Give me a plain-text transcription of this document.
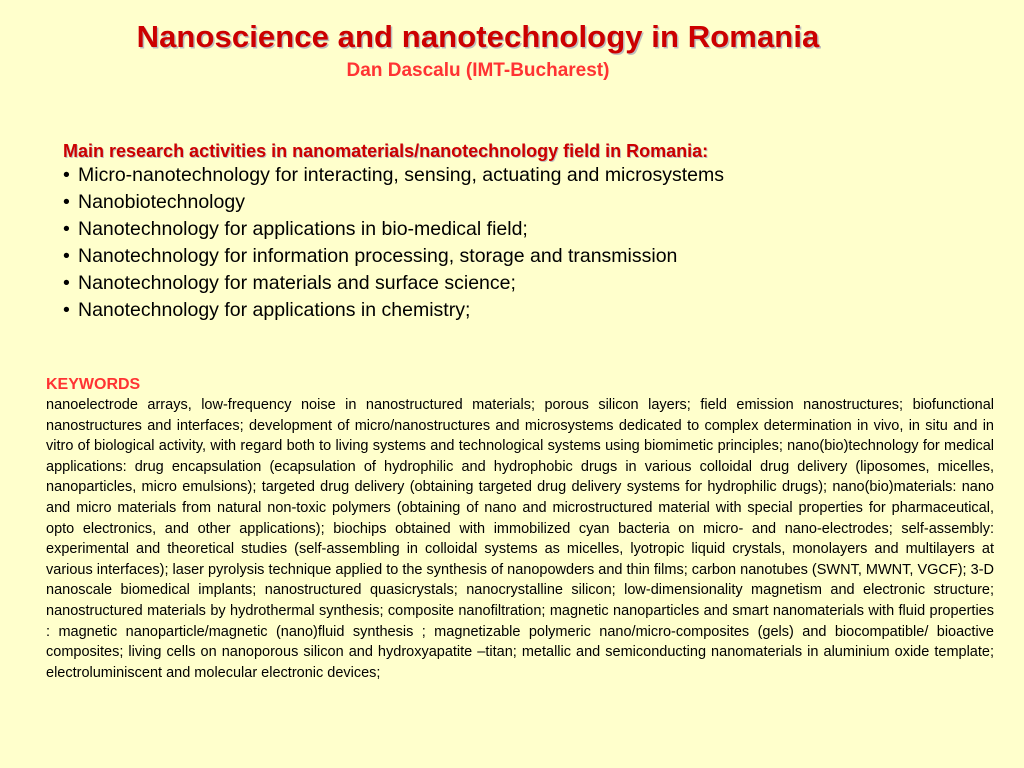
Nanoscience and nanotechnology in Romania
Dan Dascalu (IMT-Bucharest)
Main research activities in nanomaterials/nanotechnology field in Romania:
• Micro-nanotechnology for interacting, sensing, actuating and microsystems
• Nanobiotechnology
• Nanotechnology for applications in bio-medical field;
• Nanotechnology for information processing, storage and transmission
• Nanotechnology for materials and surface science;
• Nanotechnology for applications in chemistry;
KEYWORDS

nanoelectrode arrays, low-frequency noise in nanostructured materials; porous silicon layers; field emission nanostructures; biofunctional nanostructures and interfaces; development of micro/nanostructures and microsystems dedicated to complex determination in vivo, in situ and in vitro of biological activity, with regard both to living systems and technological systems using biomimetic principles; nano(bio)technology for medical applications: drug encapsulation (ecapsulation of hydrophilic and hydrophobic drugs in various colloidal drug delivery (liposomes, micelles, nanoparticles, micro emulsions); targeted drug delivery (obtaining targeted drug delivery systems for hydrophilic drugs); nano(bio)materials: nano and micro materials from natural non-toxic polymers (obtaining of nano and microstructured material with special properties for pharmaceutical, opto electronics, and other applications); biochips obtained with immobilized cyan bacteria on micro- and nano-electrodes; self-assembly: experimental and theoretical studies (self-assembling in colloidal systems as micelles, lyotropic liquid crystals, monolayers and multilayers at various interfaces); laser pyrolysis technique applied to the synthesis of nanopowders and thin films; carbon nanotubes (SWNT, MWNT, VGCF); 3-D nanoscale biomedical implants; nanostructured quasicrystals; nanocrystalline silicon; low-dimensionality magnetism and electronic structure; nanostructured materials by hydrothermal synthesis; composite nanofiltration; magnetic nanoparticles and smart nanomaterials with fluid properties : magnetic nanoparticle/magnetic (nano)fluid synthesis ; magnetizable polymeric nano/micro-composites (gels) and biocompatible/ bioactive composites; living cells on nanoporous silicon and hydroxyapatite –titan; metallic and semiconducting nanomaterials in aluminium oxide template; electroluminiscent and molecular electronic devices;
